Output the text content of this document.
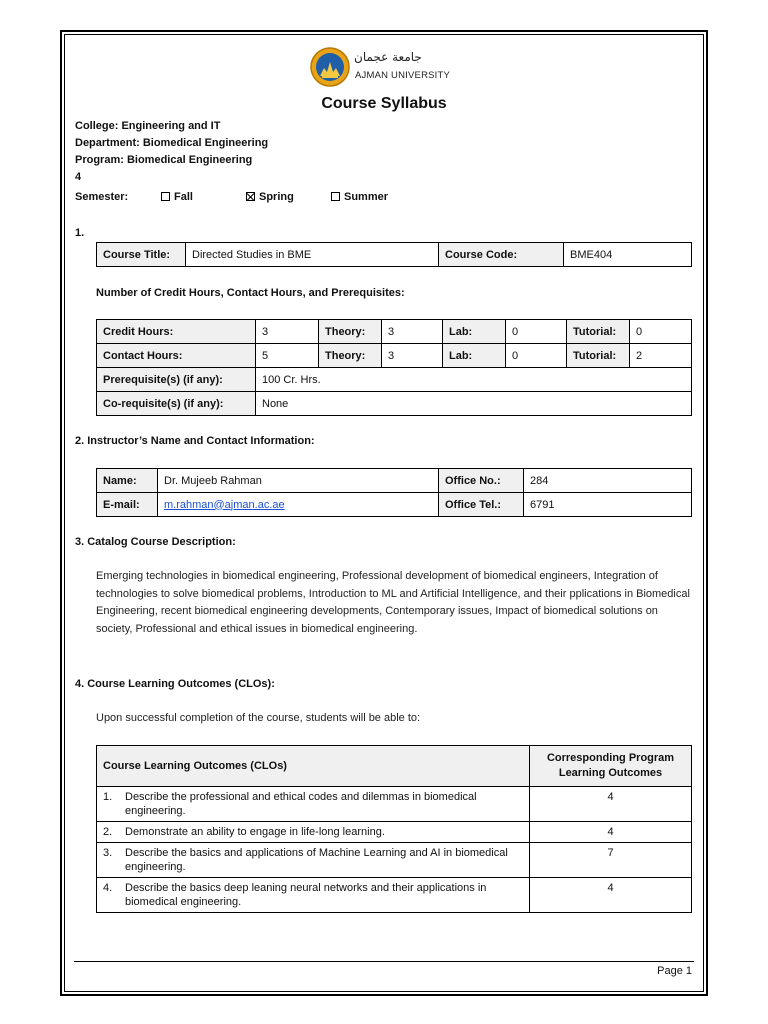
جامعة عجمان
AJMAN UNIVERSITY
Course Syllabus
College: Engineering and IT
Department: Biomedical Engineering
Program: Biomedical Engineering
4
Semester:	Fall	Spring	Summer
1.
Course Title:	Directed Studies in BME	Course Code:	BME404
Number of Credit Hours, Contact Hours, and Prerequisites:
Credit Hours:	3	Theory:	3	Lab:	0	Tutorial:	0
Contact Hours:	5	Theory:	3	Lab:	0	Tutorial:	2
Prerequisite(s) (if any):	100 Cr. Hrs.						
Co-requisite(s) (if any):	None						
2. Instructor’s Name and Contact Information:
Name:	Dr. Mujeeb Rahman	Office No.:	284
E-mail:	m.rahman@ajman.ac.ae	Office Tel.:	6791
3. Catalog Course Description:
Emerging technologies in biomedical engineering, Professional development of biomedical engineers, Integration of technologies to solve biomedical problems, Introduction to ML and Artificial Intelligence, and their pplications in Biomedical Engineering, recent biomedical engineering developments, Contemporary issues, Impact of biomedical solutions on society, Professional and ethical issues in biomedical engineering.
4. Course Learning Outcomes (CLOs):
Upon successful completion of the course, students will be able to:
Course Learning Outcomes (CLOs)	Corresponding Program Learning Outcomes

1. Describe the professional and ethical codes and dilemmas in biomedical engineering.	4

2. Demonstrate an ability to engage in life-long learning.	4

3. Describe the basics and applications of Machine Learning and AI in biomedical engineering.	7

4. Describe the basics deep leaning neural networks and their applications in biomedical engineering.	4
Page 1
